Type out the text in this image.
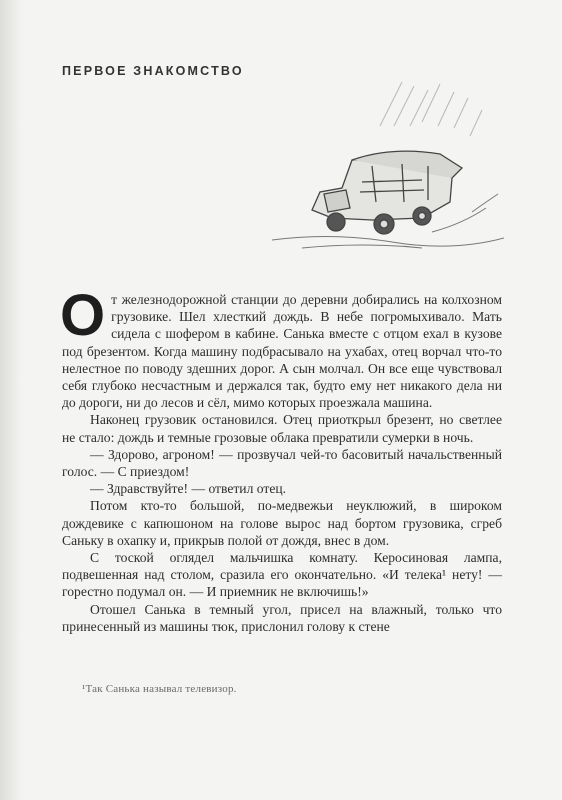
ПЕРВОЕ ЗНАКОМСТВО

От железнодорожной станции до деревни добирались на колхозном грузовике. Шел хлесткий дождь. В небе погромыхивало. Мать сидела с шофером в кабине. Санька вместе с отцом ехал в кузове под брезентом. Когда машину подбрасывало на ухабах, отец ворчал что-то нелестное по поводу здешних дорог. А сын молчал. Он все еще чувствовал себя глубоко несчастным и держался так, будто ему нет никакого дела ни до дороги, ни до лесов и сёл, мимо которых проезжала машина.

Наконец грузовик остановился. Отец приоткрыл брезент, но светлее не стало: дождь и темные грозовые облака превратили сумерки в ночь.

— Здорово, агроном! — прозвучал чей-то басовитый начальственный голос. — С приездом!

— Здравствуйте! — ответил отец.

Потом кто-то большой, по-медвежьи неуклюжий, в широком дождевике с капюшоном на голове вырос над бортом грузовика, сгреб Саньку в охапку и, прикрыв полой от дождя, внес в дом.

С тоской оглядел мальчишка комнату. Керосиновая лампа, подвешенная над столом, сразила его окончательно. «И телека¹ нету! — горестно подумал он. — И приемник не включишь!»

Отошел Санька в темный угол, присел на влажный, только что принесенный из машины тюк, прислонил голову к стене

¹Так Санька называл телевизор.
